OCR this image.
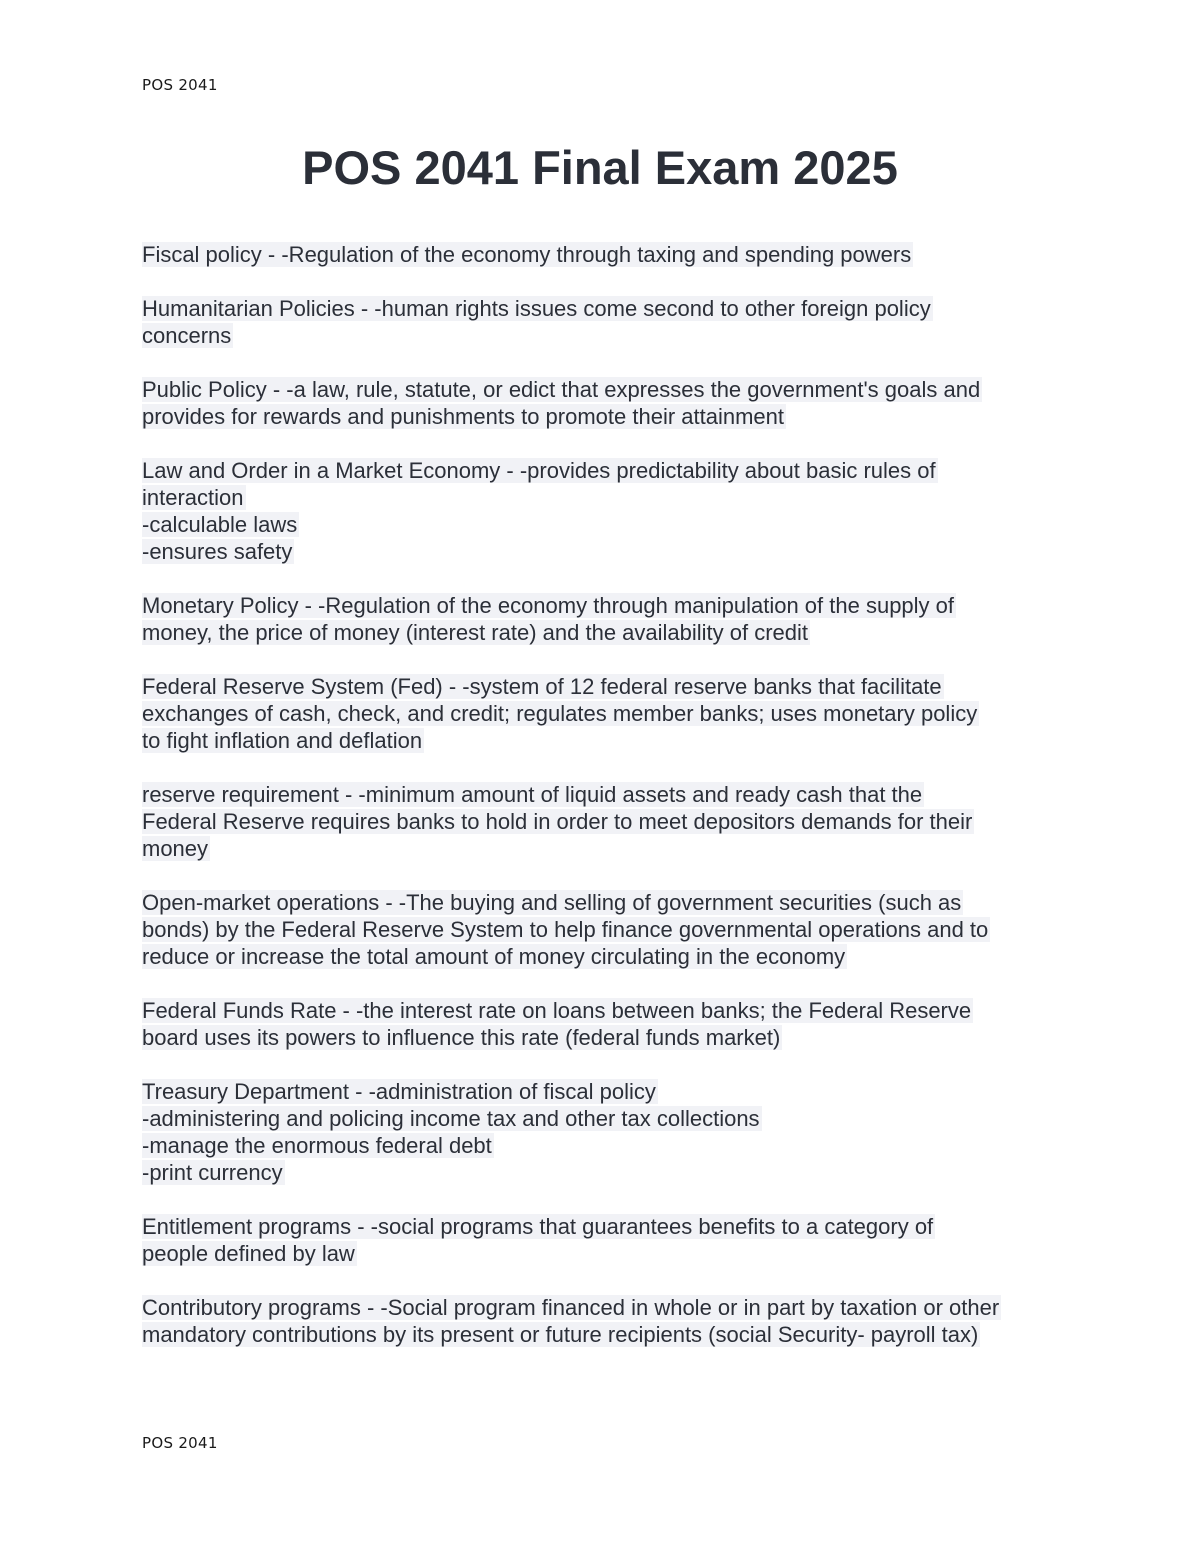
POS 2041
POS 2041 Final Exam 2025
Fiscal policy - -Regulation of the economy through taxing and spending powers
Humanitarian Policies - -human rights issues come second to other foreign policy
concerns
Public Policy - -a law, rule, statute, or edict that expresses the government's goals and
provides for rewards and punishments to promote their attainment
Law and Order in a Market Economy - -provides predictability about basic rules of
interaction
-calculable laws
-ensures safety
Monetary Policy - -Regulation of the economy through manipulation of the supply of
money, the price of money (interest rate) and the availability of credit
Federal Reserve System (Fed) - -system of 12 federal reserve banks that facilitate
exchanges of cash, check, and credit; regulates member banks; uses monetary policy
to fight inflation and deflation
reserve requirement - -minimum amount of liquid assets and ready cash that the
Federal Reserve requires banks to hold in order to meet depositors demands for their
money
Open-market operations - -The buying and selling of government securities (such as
bonds) by the Federal Reserve System to help finance governmental operations and to
reduce or increase the total amount of money circulating in the economy
Federal Funds Rate - -the interest rate on loans between banks; the Federal Reserve
board uses its powers to influence this rate (federal funds market)
Treasury Department - -administration of fiscal policy
-administering and policing income tax and other tax collections
-manage the enormous federal debt
-print currency
Entitlement programs - -social programs that guarantees benefits to a category of
people defined by law
Contributory programs - -Social program financed in whole or in part by taxation or other
mandatory contributions by its present or future recipients (social Security- payroll tax)
POS 2041
